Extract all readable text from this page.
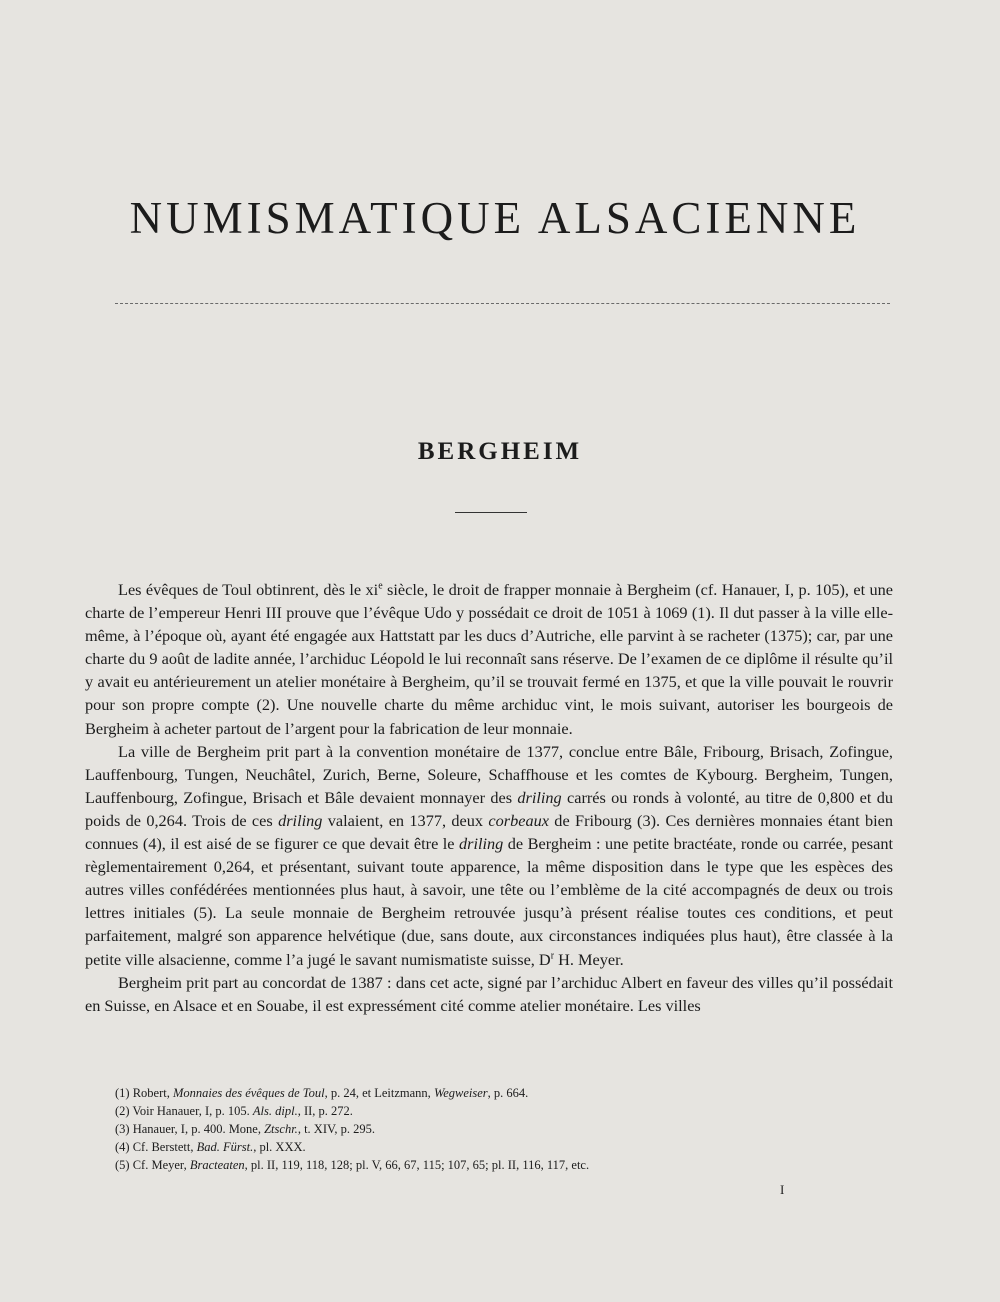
NUMISMATIQUE ALSACIENNE
BERGHEIM

Les évêques de Toul obtinrent, dès le $xi^e$ siècle, le droit de frapper monnaie à Bergheim (cf. Hanauer, I, p. 105), et une charte de l’empereur Henri III prouve que l’évêque Udo y possédait ce droit de 1051 à 1069 (1). Il dut passer à la ville elle-même, à l’époque où, ayant été engagée aux Hattstatt par les ducs d’Autriche, elle parvint à se racheter (1375); car, par une charte du 9 août de ladite année, l’archiduc Léopold le lui reconnaît sans réserve. De l’examen de ce diplôme il résulte qu’il y avait eu antérieurement un atelier monétaire à Bergheim, qu’il se trouvait fermé en 1375, et que la ville pouvait le rouvrir pour son propre compte (2). Une nouvelle charte du même archiduc vint, le mois suivant, autoriser les bourgeois de Bergheim à acheter partout de l’argent pour la fabrication de leur monnaie.

La ville de Bergheim prit part à la convention monétaire de 1377, conclue entre Bâle, Fribourg, Brisach, Zofingue, Lauffenbourg, Tungen, Neuchâtel, Zurich, Berne, Soleure, Schaffhouse et les comtes de Kybourg. Bergheim, Tungen, Lauffenbourg, Zofingue, Brisach et Bâle devaient monnayer des driling carrés ou ronds à volonté, au titre de 0,800 et du poids de 0,264. Trois de ces driling valaient, en 1377, deux corbeaux de Fribourg (3). Ces dernières monnaies étant bien connues (4), il est aisé de se figurer ce que devait être le driling de Bergheim : une petite bractéate, ronde ou carrée, pesant règlementairement 0,264, et présentant, suivant toute apparence, la même disposition dans le type que les espèces des autres villes confédérées mentionnées plus haut, à savoir, une tête ou l’emblème de la cité accompagnés de deux ou trois lettres initiales (5). La seule monnaie de Bergheim retrouvée jusqu’à présent réalise toutes ces conditions, et peut parfaitement, malgré son apparence helvétique (due, sans doute, aux circonstances indiquées plus haut), être classée à la petite ville alsacienne, comme l’a jugé le savant numismatiste suisse, $D^r$ H. Meyer.

Bergheim prit part au concordat de 1387 : dans cet acte, signé par l’archiduc Albert en faveur des villes qu’il possédait en Suisse, en Alsace et en Souabe, il est expressément cité comme atelier monétaire. Les villes

(1) Robert, Monnaies des évêques de Toul, p. 24, et Leitzmann, Wegweiser, p. 664.
(2) Voir Hanauer, I, p. 105. Als. dipl., II, p. 272.
(3) Hanauer, I, p. 400. Mone, Ztschr., t. XIV, p. 295.
(4) Cf. Berstett, Bad. Fürst., pl. XXX.
(5) Cf. Meyer, Bracteaten, pl. II, 119, 118, 128; pl. V, 66, 67, 115; 107, 65; pl. II, 116, 117, etc.
I
